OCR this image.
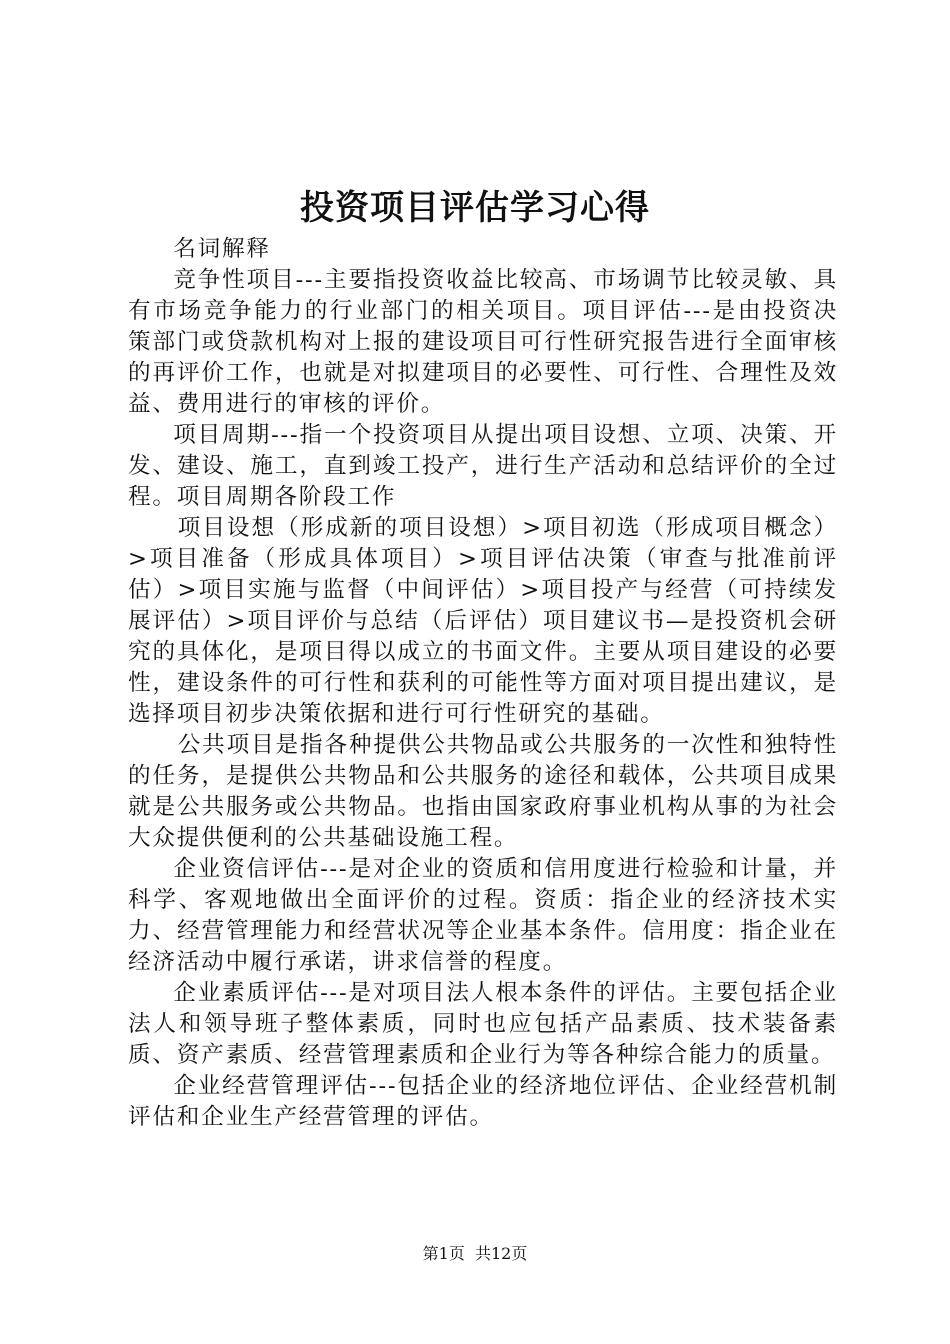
投资项目评估学习心得

名词解释

竞争性项目---主要指投资收益比较高、市场调节比较灵敏、具有市场竞争能力的行业部门的相关项目。项目评估---是由投资决策部门或贷款机构对上报的建设项目可行性研究报告进行全面审核的再评价工作，也就是对拟建项目的必要性、可行性、合理性及效益、费用进行的审核的评价。

项目周期---指一个投资项目从提出项目设想、立项、决策、开发、建设、施工，直到竣工投产，进行生产活动和总结评价的全过程。项目周期各阶段工作

项目设想（形成新的项目设想）>项目初选（形成项目概念）>项目准备（形成具体项目）>项目评估决策（审查与批准前评估）>项目实施与监督（中间评估）>项目投产与经营（可持续发展评估）>项目评价与总结（后评估）项目建议书—是投资机会研究的具体化，是项目得以成立的书面文件。主要从项目建设的必要性，建设条件的可行性和获利的可能性等方面对项目提出建议，是选择项目初步决策依据和进行可行性研究的基础。

公共项目是指各种提供公共物品或公共服务的一次性和独特性的任务，是提供公共物品和公共服务的途径和载体，公共项目成果就是公共服务或公共物品。也指由国家政府事业机构从事的为社会大众提供便利的公共基础设施工程。

企业资信评估---是对企业的资质和信用度进行检验和计量，并科学、客观地做出全面评价的过程。资质：指企业的经济技术实力、经营管理能力和经营状况等企业基本条件。信用度：指企业在经济活动中履行承诺，讲求信誉的程度。

企业素质评估---是对项目法人根本条件的评估。主要包括企业法人和领导班子整体素质，同时也应包括产品素质、技术装备素质、资产素质、经营管理素质和企业行为等各种综合能力的质量。

企业经营管理评估---包括企业的经济地位评估、企业经营机制评估和企业生产经营管理的评估。

第1页  共12页
